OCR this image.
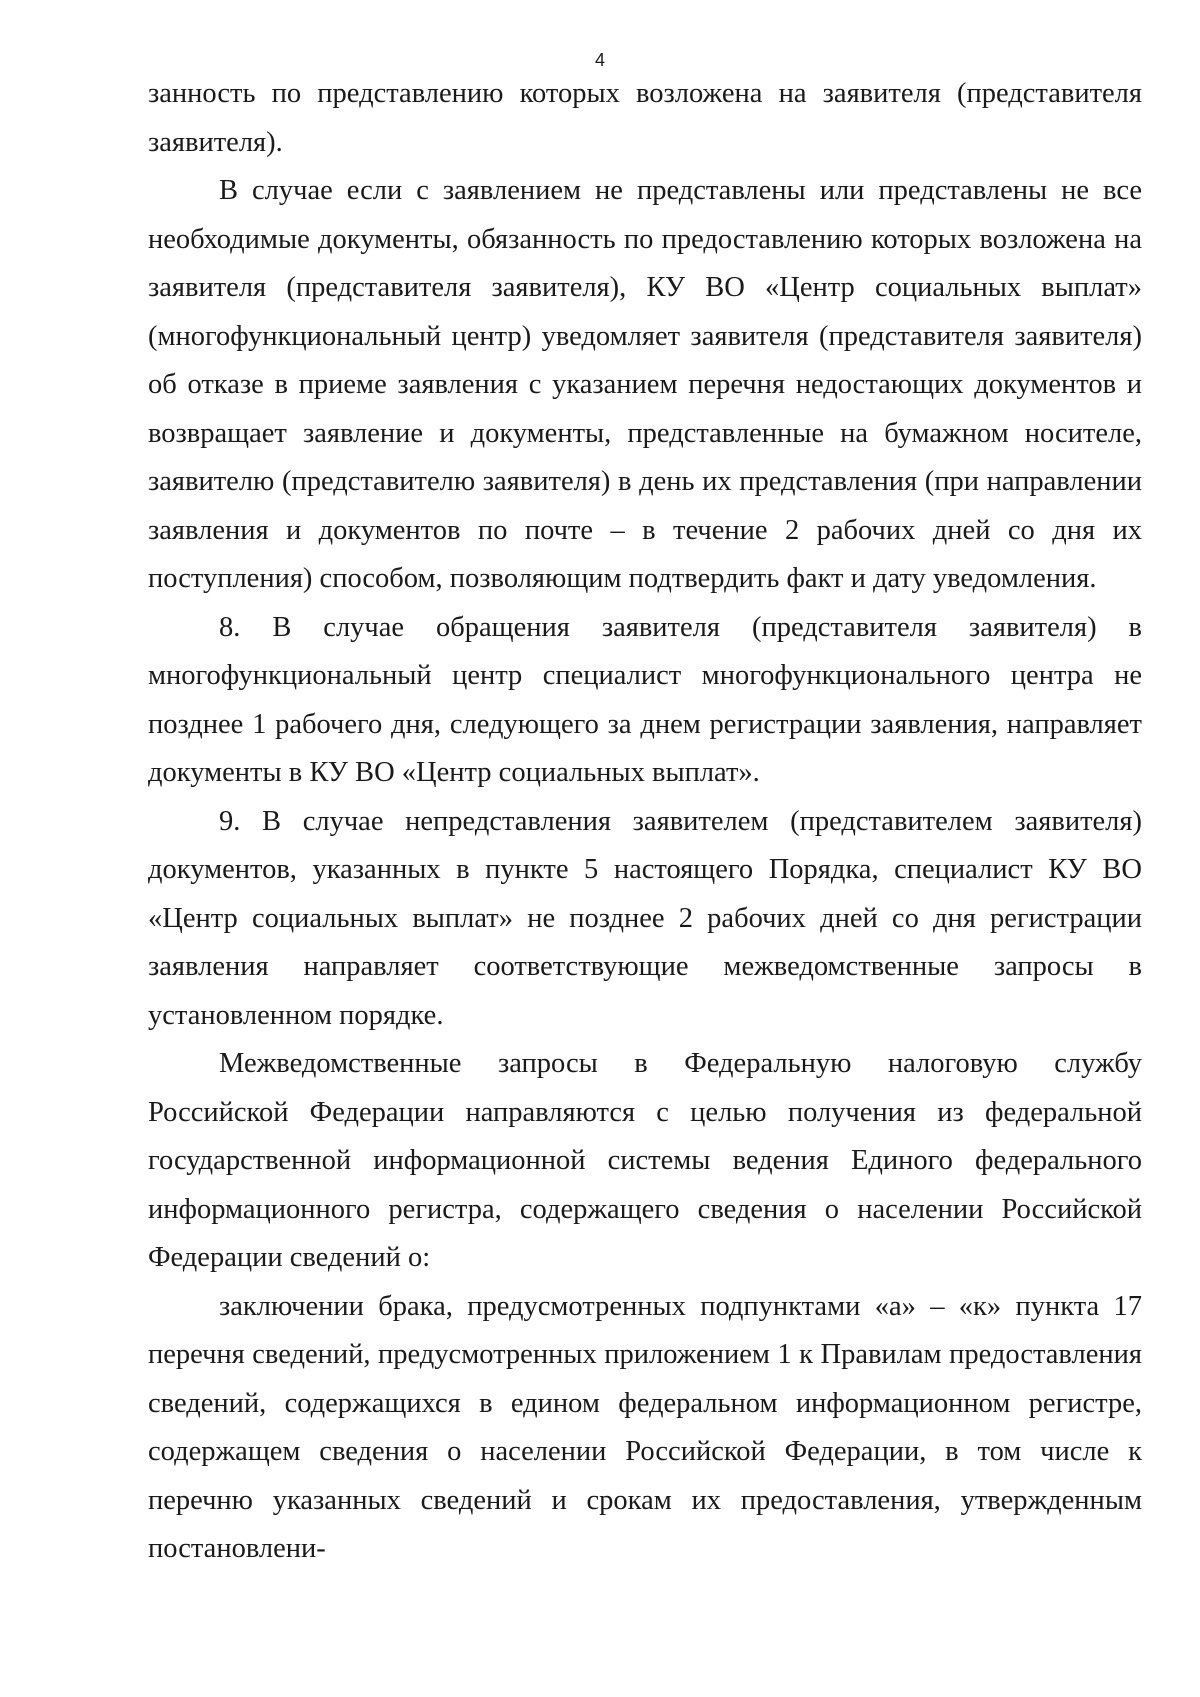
4

занность по представлению которых возложена на заявителя (представителя заявителя).

В случае если с заявлением не представлены или представлены не все необходимые документы, обязанность по предоставлению которых возложена на заявителя (представителя заявителя), КУ ВО «Центр социальных выплат» (многофункциональный центр) уведомляет заявителя (представителя заявителя) об отказе в приеме заявления с указанием перечня недостающих документов и возвращает заявление и документы, представленные на бумажном носителе, заявителю (представителю заявителя) в день их представления (при направлении заявления и документов по почте – в течение 2 рабочих дней со дня их поступления) способом, позволяющим подтвердить факт и дату уведомления.

8. В случае обращения заявителя (представителя заявителя) в многофункциональный центр специалист многофункционального центра не позднее 1 рабочего дня, следующего за днем регистрации заявления, направляет документы в КУ ВО «Центр социальных выплат».

9. В случае непредставления заявителем (представителем заявителя) документов, указанных в пункте 5 настоящего Порядка, специалист КУ ВО «Центр социальных выплат» не позднее 2 рабочих дней со дня регистрации заявления направляет соответствующие межведомственные запросы в установленном порядке.

Межведомственные запросы в Федеральную налоговую службу Российской Федерации направляются с целью получения из федеральной государственной информационной системы ведения Единого федерального информационного регистра, содержащего сведения о населении Российской Федерации сведений о:

заключении брака, предусмотренных подпунктами «а» – «к» пункта 17 перечня сведений, предусмотренных приложением 1 к Правилам предоставления сведений, содержащихся в едином федеральном информационном регистре, содержащем сведения о населении Российской Федерации, в том числе к перечню указанных сведений и срокам их предоставления, утвержденным постановлени-
